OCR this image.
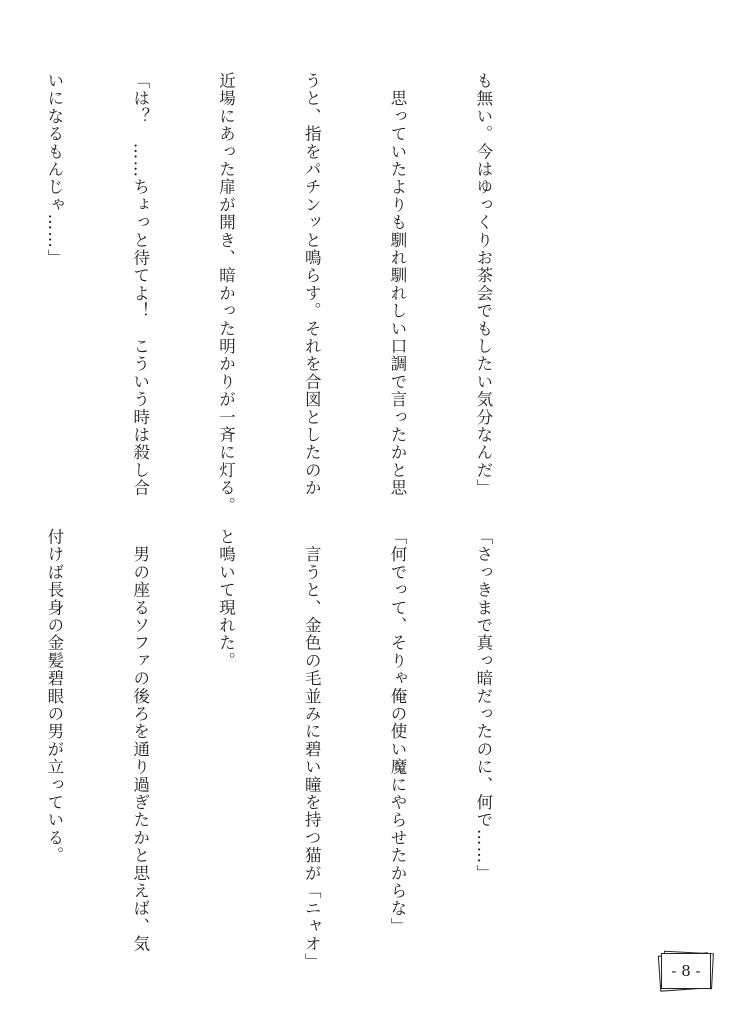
も無い。今はゆっくりお茶会でもしたい気分なんだ」

　思っていたよりも馴れ馴れしい口調で言ったかと思

うと、指をパチンッと鳴らす。それを合図としたのか

近場にあった扉が開き、暗かった明かりが一斉に灯る。

「は？　……ちょっと待てよ！　こういう時は殺し合

いになるもんじゃ……」

「さっきまで真っ暗だったのに、何で……」

「何でって、そりゃ俺の使い魔にやらせたからな」

　言うと、金色の毛並みに碧い瞳を持つ猫が「ニャオ」

と鳴いて現れた。

　男の座るソファの後ろを通り過ぎたかと思えば、気

付けば長身の金髪碧眼の男が立っている。

- 8 -
